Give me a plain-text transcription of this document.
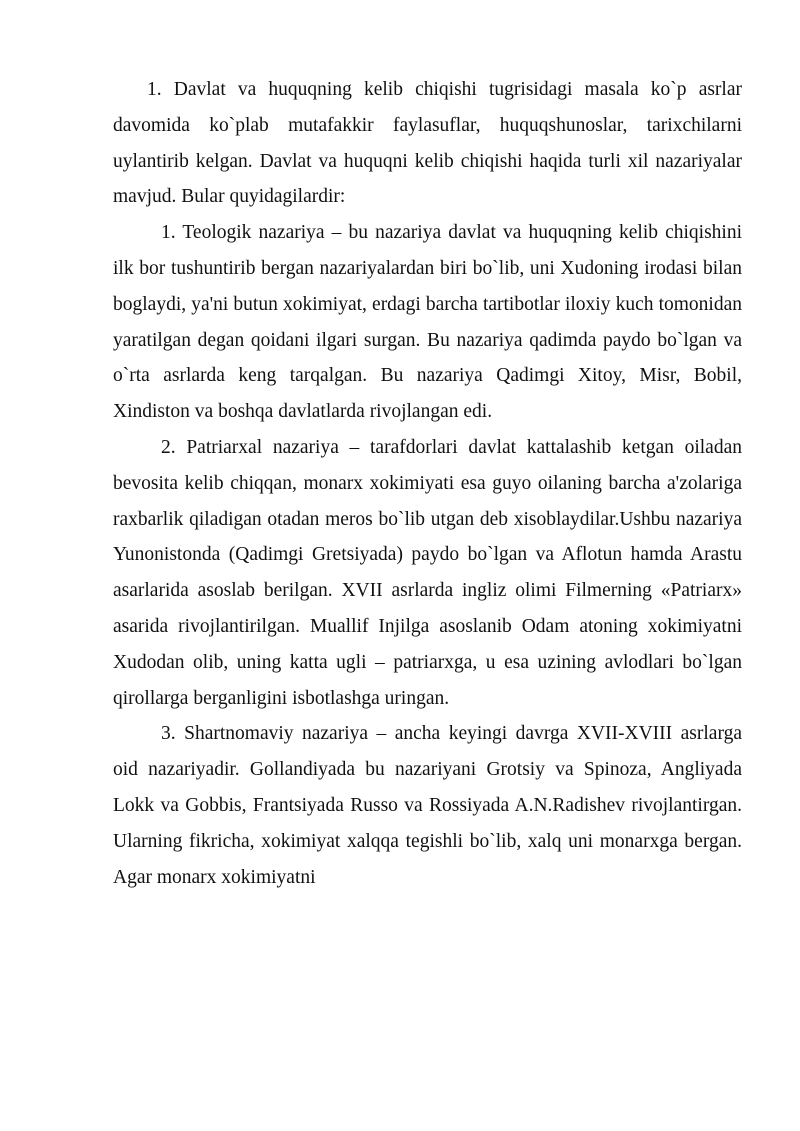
1. Davlat va huquqning kelib chiqishi tugrisidagi masala ko`p asrlar davomida ko`plab mutafakkir faylasuflar, huquqshunoslar, tarixchilarni uylantirib kelgan. Davlat va huquqni kelib chiqishi haqida turli xil nazariyalar mavjud. Bular quyidagilardir:

1. Teologik nazariya – bu nazariya davlat va huquqning kelib chiqishini ilk bor tushuntirib bergan nazariyalardan biri bo`lib, uni Xudoning irodasi bilan boglaydi, ya'ni butun xokimiyat, erdagi barcha tartibotlar iloxiy kuch tomonidan yaratilgan degan qoidani ilgari surgan. Bu nazariya qadimda paydo bo`lgan va o`rta asrlarda keng tarqalgan. Bu nazariya Qadimgi Xitoy, Misr, Bobil, Xindiston va boshqa davlatlarda rivojlangan edi.

2. Patriarxal nazariya – tarafdorlari davlat kattalashib ketgan oiladan bevosita kelib chiqqan, monarx xokimiyati esa guyo oilaning barcha a'zolariga raxbarlik qiladigan otadan meros bo`lib utgan deb xisoblaydilar.Ushbu nazariya Yunonistonda (Qadimgi Gretsiyada) paydo bo`lgan va Aflotun hamda Arastu asarlarida asoslab berilgan. XVII asrlarda ingliz olimi Filmerning «Patriarx» asarida rivojlantirilgan. Muallif Injilga asoslanib Odam atoning xokimiyatni Xudodan olib, uning katta ugli – patriarxga, u esa uzining avlodlari bo`lgan qirollarga berganligini isbotlashga uringan.

3. Shartnomaviy nazariya – ancha keyingi davrga XVII-XVIII asrlarga oid nazariyadir. Gollandiyada bu nazariyani Grotsiy va Spinoza, Angliyada Lokk va Gobbis, Frantsiyada Russo va Rossiyada A.N.Radishev rivojlantirgan. Ularning fikricha, xokimiyat xalqqa tegishli bo`lib, xalq uni monarxga bergan. Agar monarx xokimiyatni
